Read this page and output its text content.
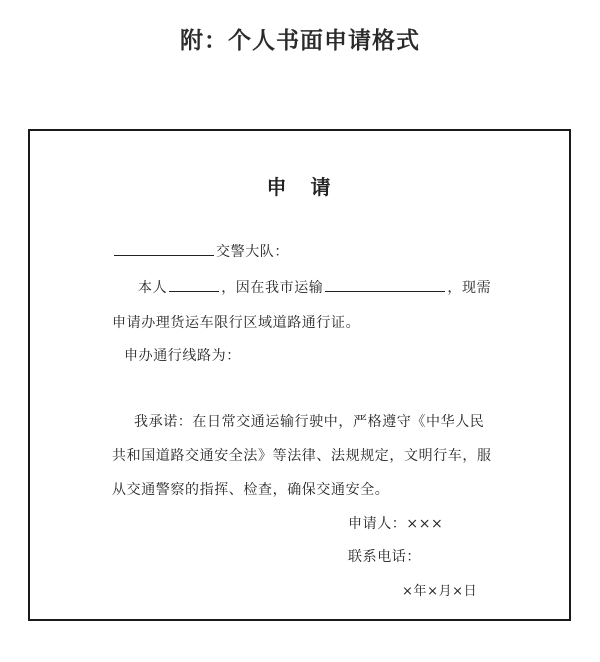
附：个人书面申请格式
申　请
交警大队：
本人	，因在我市运输	，现需
申请办理货运车限行区域道路通行证。
申办通行线路为：
我承诺：在日常交通运输行驶中，严格遵守《中华人民
共和国道路交通安全法》等法律、法规规定，文明行车，服
从交通警察的指挥、检查，确保交通安全。
申请人：×××
联系电话：
×年×月×日
